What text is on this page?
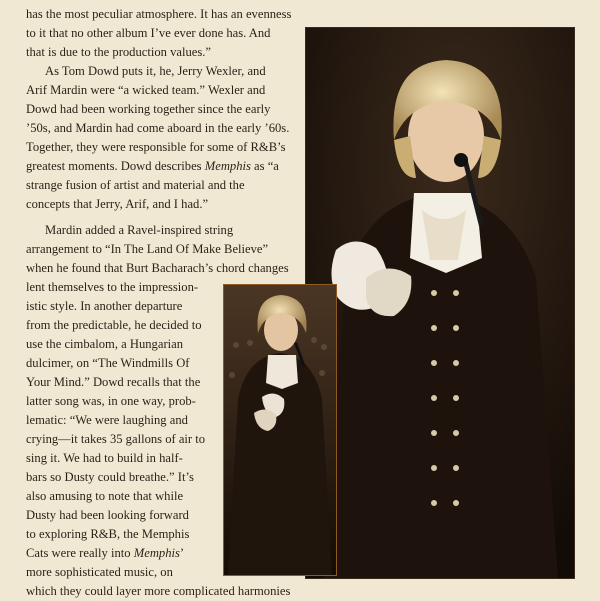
has the most peculiar atmosphere. It has an evenness
to it that no other album I’ve ever done has. And
that is due to the production values.”
As Tom Dowd puts it, he, Jerry Wexler, and
Arif Mardin were “a wicked team.” Wexler and
Dowd had been working together since the early
’50s, and Mardin had come aboard in the early ’60s.
Together, they were responsible for some of R&B’s
greatest moments. Dowd describes Memphis as “a
strange fusion of artist and material and the
concepts that Jerry, Arif, and I had.”
Mardin added a Ravel-inspired string
arrangement to “In The Land Of Make Believe”
when he found that Burt Bacharach’s chord changes
lent themselves to the impression-
istic style. In another departure
from the predictable, he decided to
use the cimbalom, a Hungarian
dulcimer, on “The Windmills Of
Your Mind.” Dowd recalls that the
latter song was, in one way, prob-
lematic: “We were laughing and
crying—it takes 35 gallons of air to
sing it. We had to build in half-
bars so Dusty could breathe.” It’s
also amusing to note that while
Dusty had been looking forward
to exploring R&B, the Memphis
Cats were really into Memphis’
more sophisticated music, on
which they could layer more complicated harmonies
